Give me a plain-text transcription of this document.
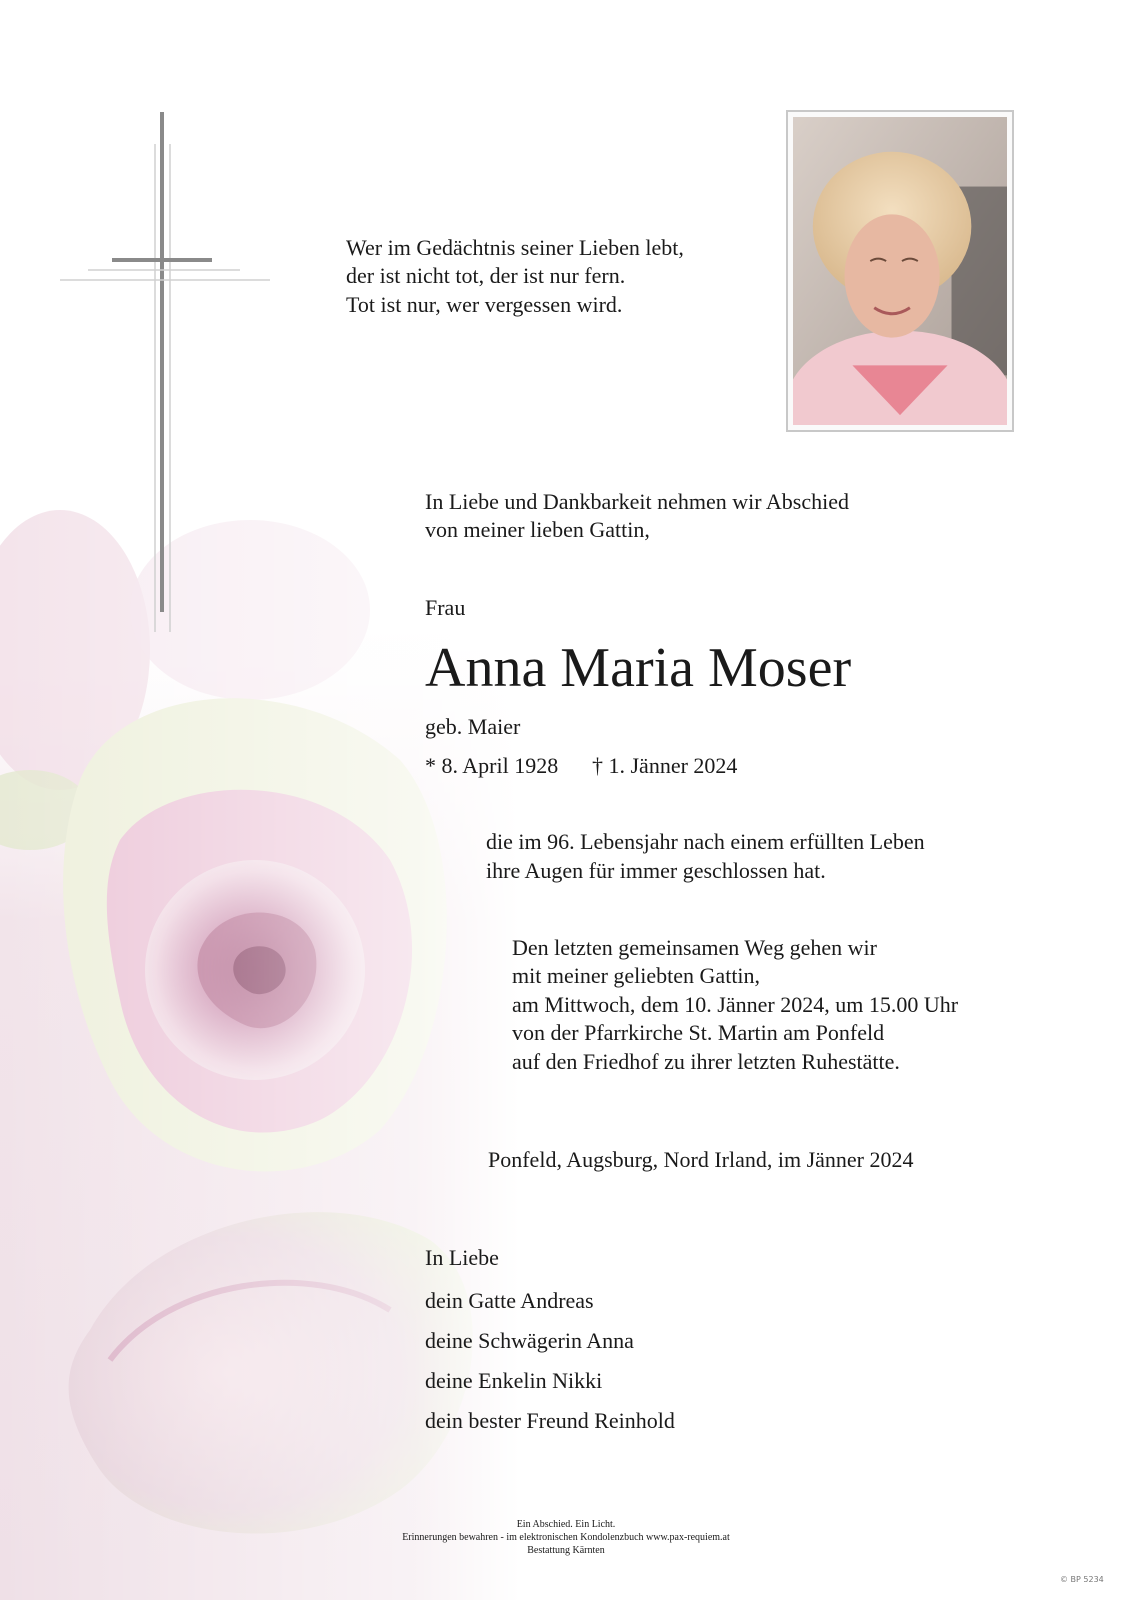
Wer im Gedächtnis seiner Lieben lebt,
der ist nicht tot, der ist nur fern.
Tot ist nur, wer vergessen wird.
In Liebe und Dankbarkeit nehmen wir Abschied
von meiner lieben Gattin,
Frau
Anna Maria Moser
geb. Maier
* 8. April 1928 † 1. Jänner 2024
die im 96. Lebensjahr nach einem erfüllten Leben
ihre Augen für immer geschlossen hat.
Den letzten gemeinsamen Weg gehen wir
mit meiner geliebten Gattin,
am Mittwoch, dem 10. Jänner 2024, um 15.00 Uhr
von der Pfarrkirche St. Martin am Ponfeld
auf den Friedhof zu ihrer letzten Ruhestätte.
Ponfeld, Augsburg, Nord Irland, im Jänner 2024
In Liebe
dein Gatte Andreas
deine Schwägerin Anna
deine Enkelin Nikki
dein bester Freund Reinhold
Ein Abschied. Ein Licht.
Erinnerungen bewahren - im elektronischen Kondolenzbuch www.pax-requiem.at
Bestattung Kärnten
© BP 5234
